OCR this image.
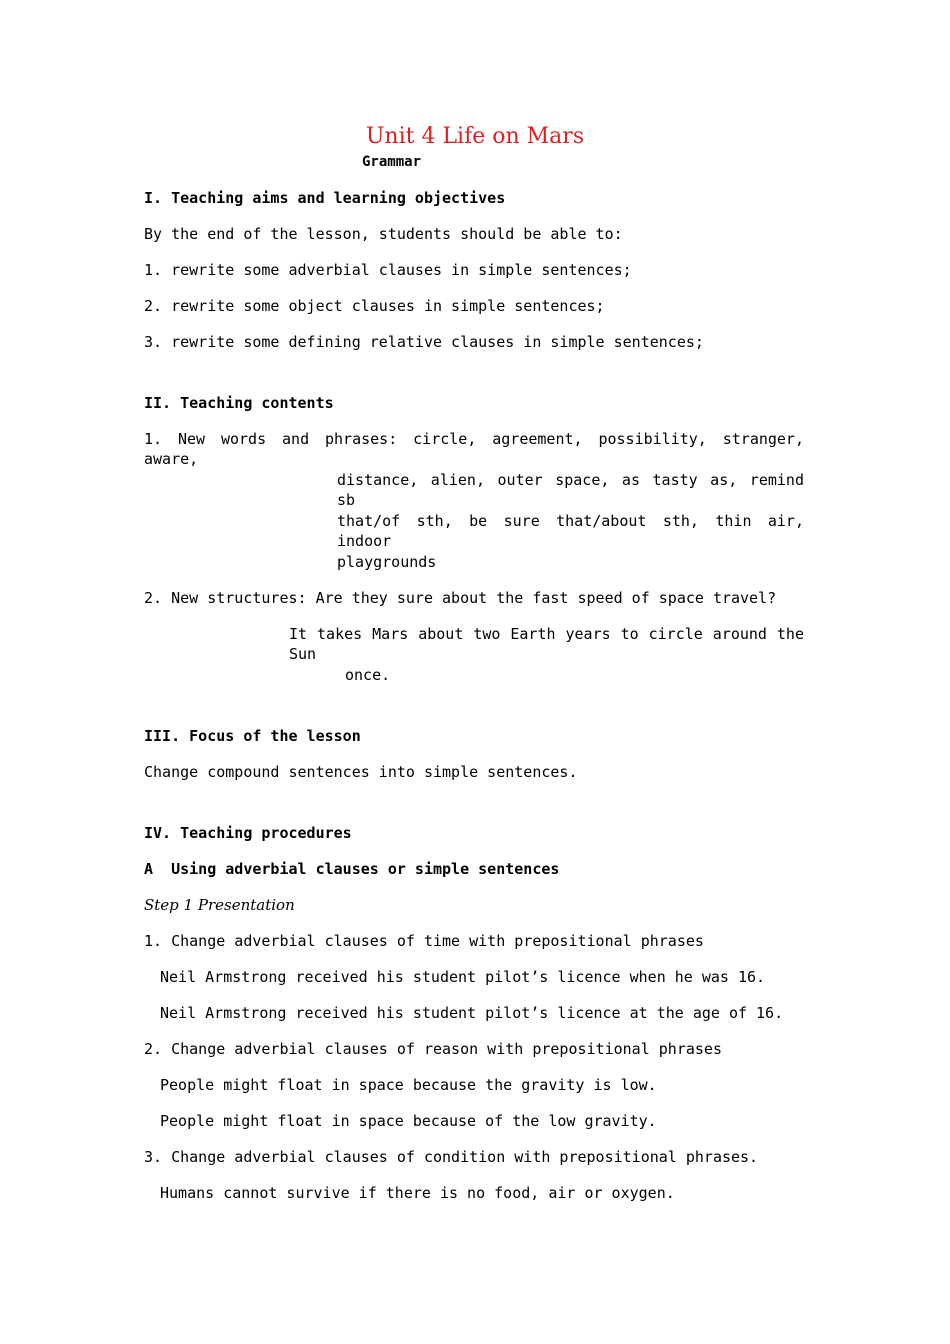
Unit 4 Life on Mars
Grammar
I. Teaching aims and learning objectives
By the end of the lesson, students should be able to:
1. rewrite some adverbial clauses in simple sentences;
2. rewrite some object clauses in simple sentences;
3. rewrite some defining relative clauses in simple sentences;
II. Teaching contents
1. New words and phrases: circle, agreement, possibility, stranger, aware,
distance, alien, outer space, as tasty as, remind sb
that/of sth, be sure that/about sth, thin air, indoor
playgrounds
2. New structures: Are they sure about the fast speed of space travel?
It takes Mars about two Earth years to circle around the Sun
once.
III. Focus of the lesson
Change compound sentences into simple sentences.
IV. Teaching procedures
A  Using adverbial clauses or simple sentences
Step 1 Presentation
1. Change adverbial clauses of time with prepositional phrases
Neil Armstrong received his student pilot’s licence when he was 16.
Neil Armstrong received his student pilot’s licence at the age of 16.
2. Change adverbial clauses of reason with prepositional phrases
People might float in space because the gravity is low.
People might float in space because of the low gravity.
3. Change adverbial clauses of condition with prepositional phrases.
Humans cannot survive if there is no food, air or oxygen.
